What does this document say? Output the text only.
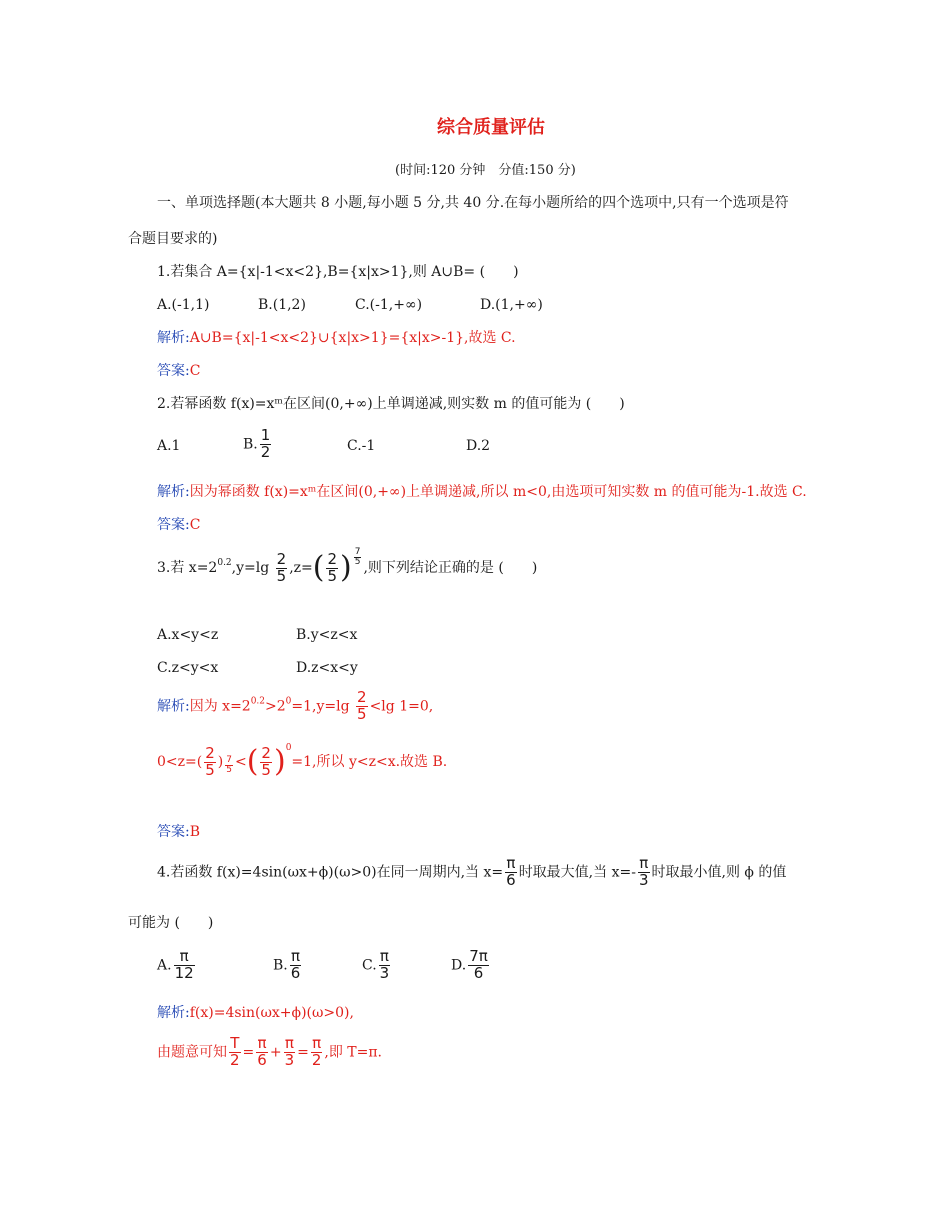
综合质量评估
(时间:120 分钟　分值:150 分)
一、单项选择题(本大题共 8 小题,每小题 5 分,共 40 分.在每小题所给的四个选项中,只有一个选项是符
合题目要求的)
1.若集合 A={x|-1<x<2},B={x|x>1},则 A∪B= (　　)
A.(-1,1)	B.(1,2)	C.(-1,+∞)	D.(1,+∞)
解析:A∪B={x|-1<x<2}∪{x|x>1}={x|x>-1},故选 C.
答案:C
2.若幂函数 f(x)=xᵐ在区间(0,+∞)上单调递减,则实数 m 的值可能为 (　　)
A.1	B. $\frac{1}{2}$	C.-1	D.2
解析:因为幂函数 f(x)=xᵐ在区间(0,+∞)上单调递减,所以 m<0,由选项可知实数 m 的值可能为-1.故选 C.
答案:C
3.若 $x=2^{0.2},y=\lg \frac{2}{5} ,z=( \frac{2}{5}$ ) $\frac{7}{5}$
,则下列结论正确的是 (　　)
A.x<y<z	B.y<z<x
C.z<y<x	D.z<x<y
解析:因为 $x=2^{0.2}>2^0=1,y=\lg \frac{2}{5} <\lg$ 1=0,
$0<z=( \frac{2}{5}$ ) $\frac{7}{5}$ <( $\frac{2}{5} )^0=1$,所以 y<z<x.故选 B.
答案:B
4.若函数 f(x)=4sin(ωx+ϕ)(ω>0)在同一周期内,当 $x= \frac{\pi}{6}$ 时取最大值,当 $x=- \frac{\pi}{3}$ 时取最小值,则 ϕ 的值
可能为 (　　)
A. $\frac{\pi}{12}$	B. $\frac{\pi}{6}$	C. $\frac{\pi}{3}$	D. $\frac{7\pi}{6}$
解析:f(x)=4sin(ωx+ϕ)(ω>0),
由题意可知 $\frac{T}{2} = \frac{\pi}{6} + \frac{\pi}{3} = \frac{\pi}{2}$ ,即 T=π.
